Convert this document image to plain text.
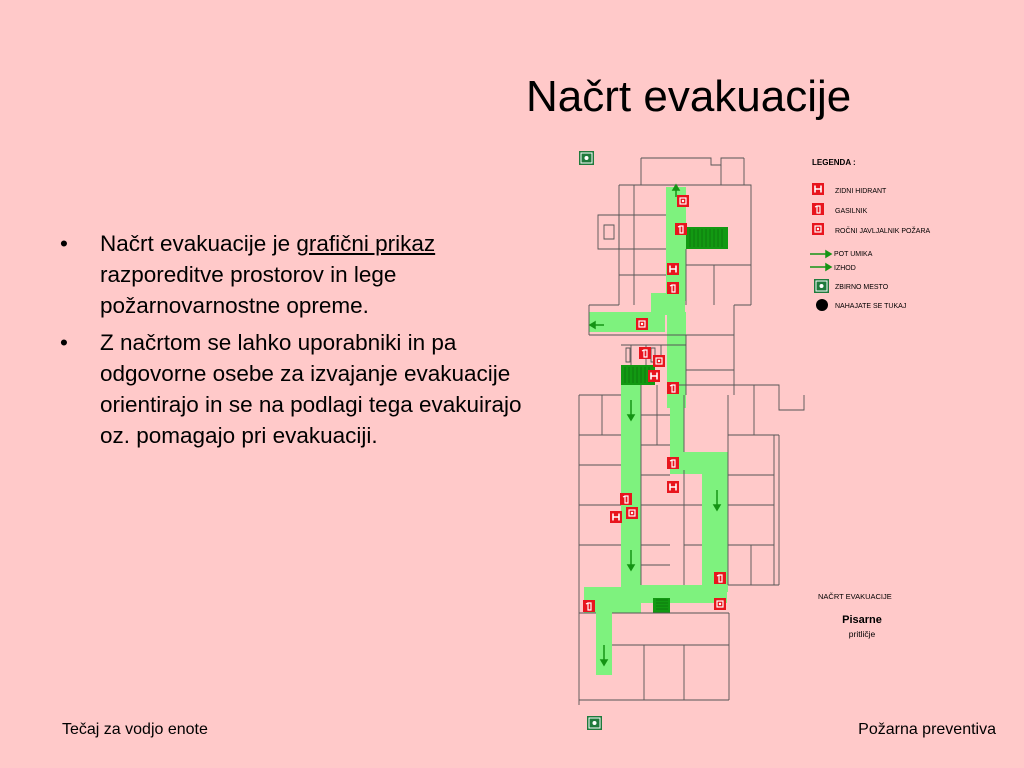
Načrt evakuacije
• Načrt evakuacije je grafični prikaz razporeditve prostorov in lege požarnovarnostne opreme.
• Z načrtom se lahko uporabniki in pa odgovorne osebe za izvajanje evakuacije orientirajo in se na podlagi tega evakuirajo oz. pomagajo pri evakuaciji.
LEGENDA :
ZIDNI HIDRANT
GASILNIK
ROČNI JAVLJALNIK POŽARA
POT UMIKA
IZHOD
ZBIRNO MESTO
NAHAJATE SE TUKAJ
NAČRT EVAKUACIJE
Pisarne
pritličje
Tečaj za vodjo enote	Požarna preventiva
